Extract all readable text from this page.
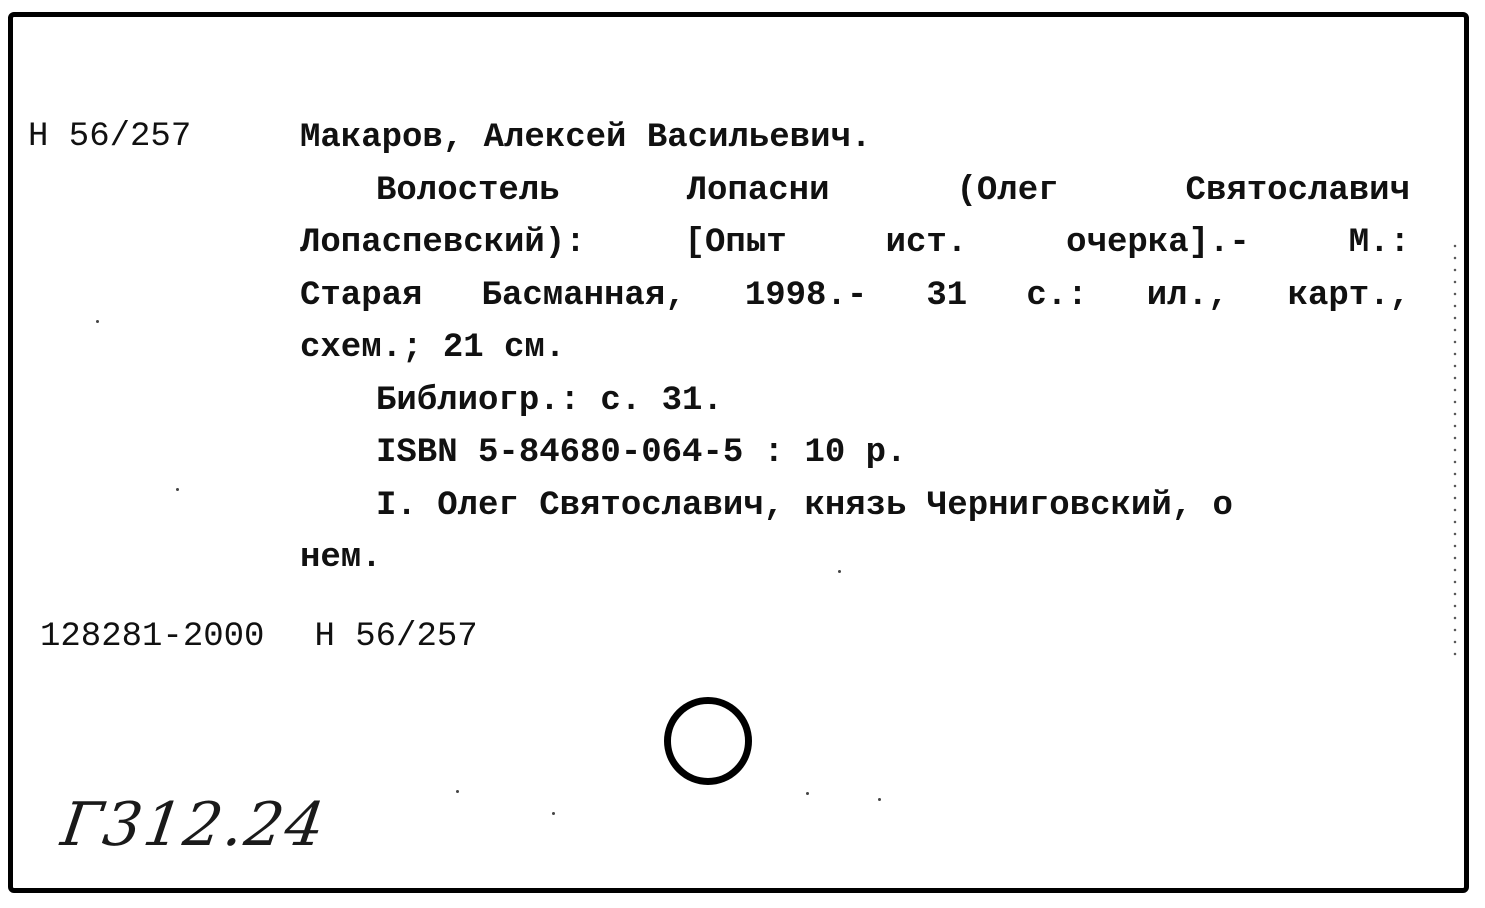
Н 56/257	Макаров, Алексей Васильевич.
Волостель	Лопасни	(Олег	Святославич
Лопаспевский):	[Опыт	ист.	очерка].-	М.:
Старая Басманная, 1998.- 31 с.: ил., карт.,
схем.; 21 см.
Библиогр.: с. 31.
ISBN 5-84680-064-5 : 10 р.
I. Олег Святославич, князь Черниговский, о
нем.
128281-2000 Н 56/257
Г312.24
